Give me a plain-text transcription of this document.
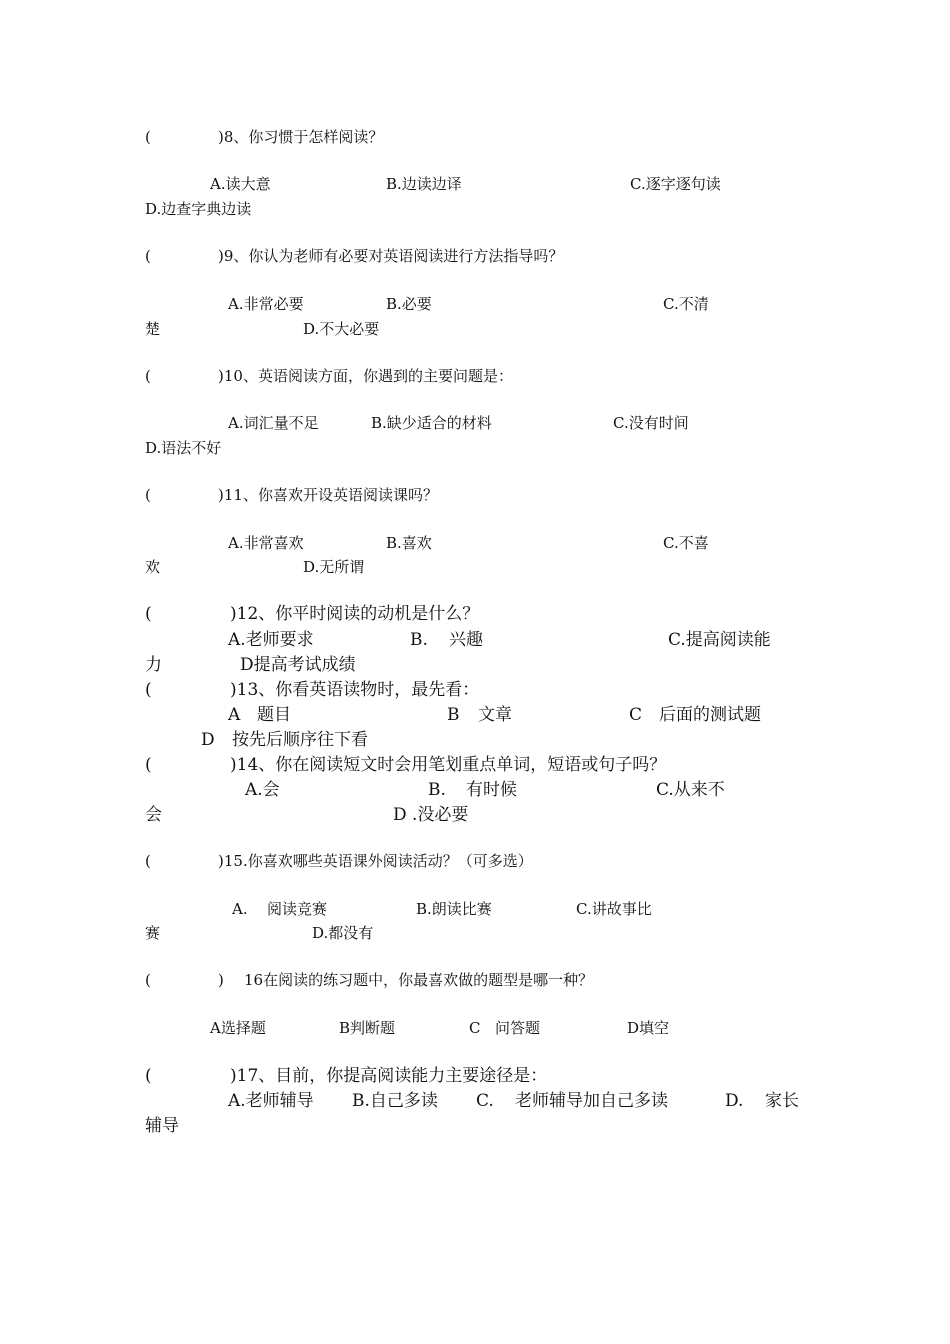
(	)8、你习惯于怎样阅读？
A.读大意	B.边读边译	C.逐字逐句读
D.边查字典边读
(	)9、你认为老师有必要对英语阅读进行方法指导吗？
A.非常必要	B.必要	C.不清
楚	D.不大必要
(	)10、英语阅读方面，你遇到的主要问题是：
A.词汇量不足	B.缺少适合的材料	C.没有时间
D.语法不好
(	)11、你喜欢开设英语阅读课吗？
A.非常喜欢	B.喜欢	C.不喜
欢	D.无所谓
(	)12、你平时阅读的动机是什么？
A.老师要求	B. 兴趣	C.提高阅读能
力	D提高考试成绩
(	)13、你看英语读物时，最先看：
A 题目	B 文章	C 后面的测试题
D 按先后顺序往下看
(	)14、你在阅读短文时会用笔划重点单词，短语或句子吗？
A.会	B. 有时候	C.从来不
会	D .没必要
(	)15.你喜欢哪些英语课外阅读活动？（可多选）
A. 阅读竞赛	B.朗读比赛	C.讲故事比
赛	D.都没有
(	) 16在阅读的练习题中，你最喜欢做的题型是哪一种？
A选择题	B判断题	C 问答题	D填空
(	)17、目前，你提高阅读能力主要途径是：
A.老师辅导 B.自己多读 C. 老师辅导加自己多读	D. 家长
辅导
